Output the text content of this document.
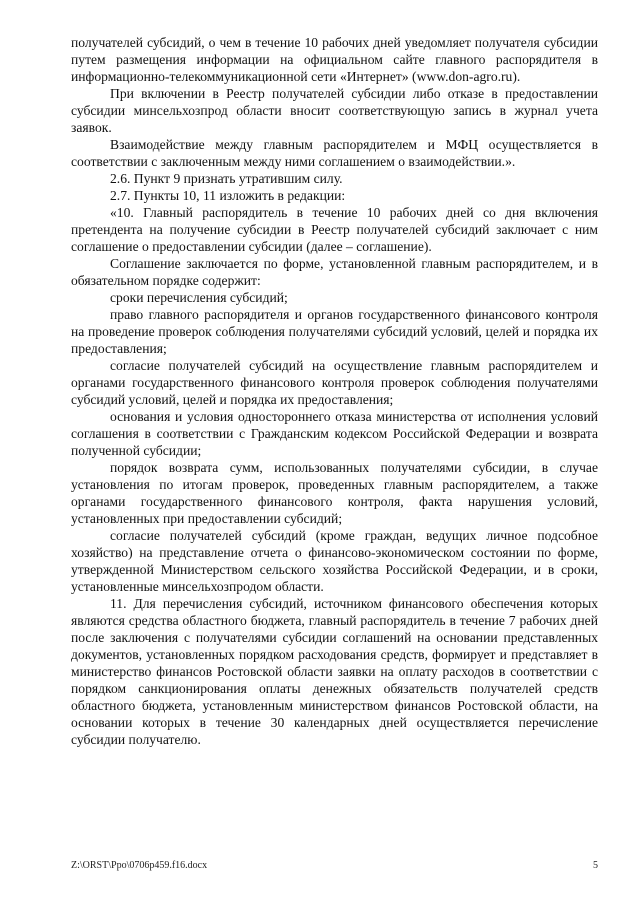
получателей субсидий, о чем в течение 10 рабочих дней уведомляет получателя субсидии путем размещения информации на официальном сайте главного распорядителя в информационно-телекоммуникационной сети «Интернет» (www.don-agro.ru).

При включении в Реестр получателей субсидии либо отказе в предоставлении субсидии минсельхозпрод области вносит соответствующую запись в журнал учета заявок.

Взаимодействие между главным распорядителем и МФЦ осуществляется в соответствии с заключенным между ними соглашением о взаимодействии.».

2.6. Пункт 9 признать утратившим силу.

2.7. Пункты 10, 11 изложить в редакции:

«10. Главный распорядитель в течение 10 рабочих дней со дня включения претендента на получение субсидии в Реестр получателей субсидий заключает с ним соглашение о предоставлении субсидии (далее – соглашение).

Соглашение заключается по форме, установленной главным распорядителем, и в обязательном порядке содержит:

сроки перечисления субсидий;

право главного распорядителя и органов государственного финансового контроля на проведение проверок соблюдения получателями субсидий условий, целей и порядка их предоставления;

согласие получателей субсидий на осуществление главным распорядителем и органами государственного финансового контроля проверок соблюдения получателями субсидий условий, целей и порядка их предоставления;

основания и условия одностороннего отказа министерства от исполнения условий соглашения в соответствии с Гражданским кодексом Российской Федерации и возврата полученной субсидии;

порядок возврата сумм, использованных получателями субсидии, в случае установления по итогам проверок, проведенных главным распорядителем, а также органами государственного финансового контроля, факта нарушения условий, установленных при предоставлении субсидий;

согласие получателей субсидий (кроме граждан, ведущих личное подсобное хозяйство) на представление отчета о финансово-экономическом состоянии по форме, утвержденной Министерством сельского хозяйства Российской Федерации, и в сроки, установленные минсельхозпродом области.

11. Для перечисления субсидий, источником финансового обеспечения которых являются средства областного бюджета, главный распорядитель в течение 7 рабочих дней после заключения с получателями субсидии соглашений на основании представленных документов, установленных порядком расходования средств, формирует и представляет в министерство финансов Ростовской области заявки на оплату расходов в соответствии с порядком санкционирования оплаты денежных обязательств получателей средств областного бюджета, установленным министерством финансов Ростовской области, на основании которых в течение 30 календарных дней осуществляется перечисление субсидии получателю.

Z:\ORST\Ppo\0706p459.f16.docx	5
